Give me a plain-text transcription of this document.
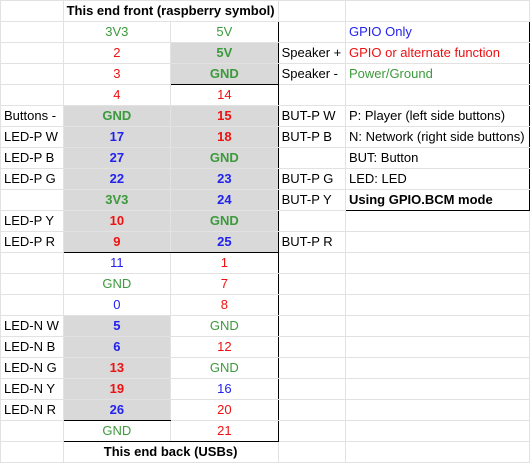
	This end front (raspberry symbol)			
	3V3	5V		GPIO Only
	2	5V	Speaker +	GPIO or alternate function
	3	GND	Speaker -	Power/Ground
	4	14		
Buttons -	GND	15	BUT-P W	P: Player (left side buttons)
LED-P W	17	18	BUT-P B	N: Network (right side buttons)
LED-P B	27	GND		BUT: Button
LED-P G	22	23	BUT-P G	LED: LED
	3V3	24	BUT-P Y	Using GPIO.BCM mode
LED-P Y	10	GND		
LED-P R	9	25	BUT-P R	
	11	1		
	GND	7		
	0	8		
LED-N W	5	GND		
LED-N B	6	12		
LED-N G	13	GND		
LED-N Y	19	16		
LED-N R	26	20		
	GND	21		
	This end back (USBs)			
